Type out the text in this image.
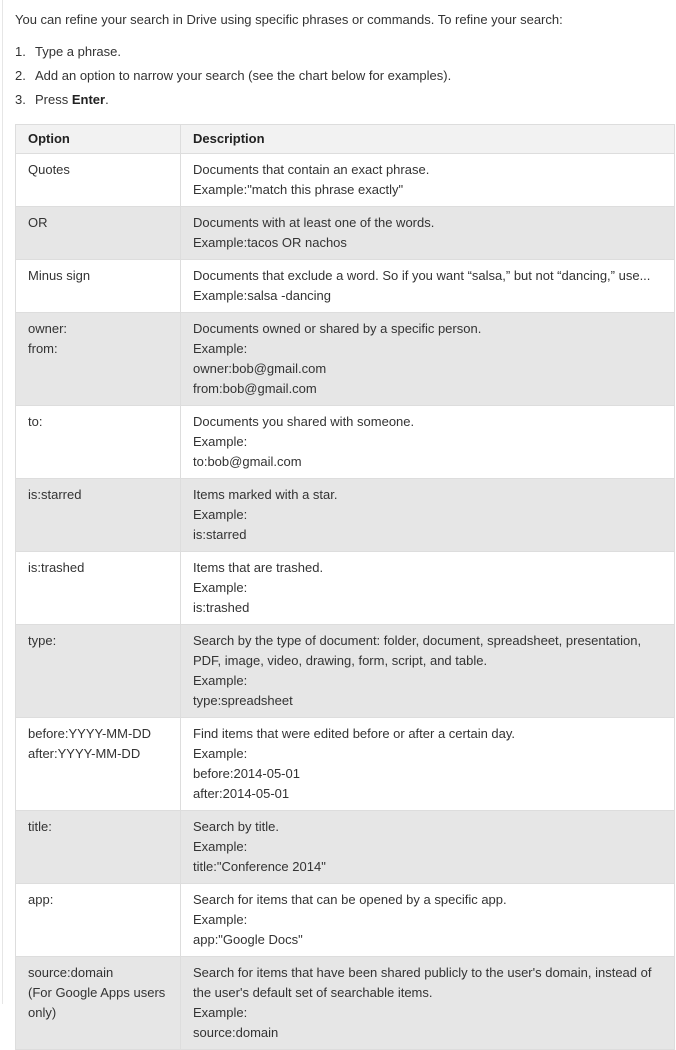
You can refine your search in Drive using specific phrases or commands. To refine your search:

1. Type a phrase.
2. Add an option to narrow your search (see the chart below for examples).
3. Press Enter.
Option	Description

Quotes	Documents that contain an exact phrase.
Example:"match this phrase exactly"

OR	Documents with at least one of the words.
Example:tacos OR nachos

Minus sign	Documents that exclude a word. So if you want “salsa,” but not “dancing,” use...
Example:salsa -dancing

owner:
from:	Documents owned or shared by a specific person.
Example:
owner:bob@gmail.com
from:bob@gmail.com

to:	Documents you shared with someone.
Example:
to:bob@gmail.com

is:starred	Items marked with a star.
Example:
is:starred

is:trashed	Items that are trashed.
Example:
is:trashed

type:	Search by the type of document: folder, document, spreadsheet, presentation,
PDF, image, video, drawing, form, script, and table.
Example:
type:spreadsheet

before:YYYY-MM-DD
after:YYYY-MM-DD	Find items that were edited before or after a certain day.
Example:
before:2014-05-01
after:2014-05-01

title:	Search by title.
Example:
title:"Conference 2014"

app:	Search for items that can be opened by a specific app.
Example:
app:"Google Docs"

source:domain
(For Google Apps users
only)	Search for items that have been shared publicly to the user's domain, instead of
the user's default set of searchable items.
Example:
source:domain
